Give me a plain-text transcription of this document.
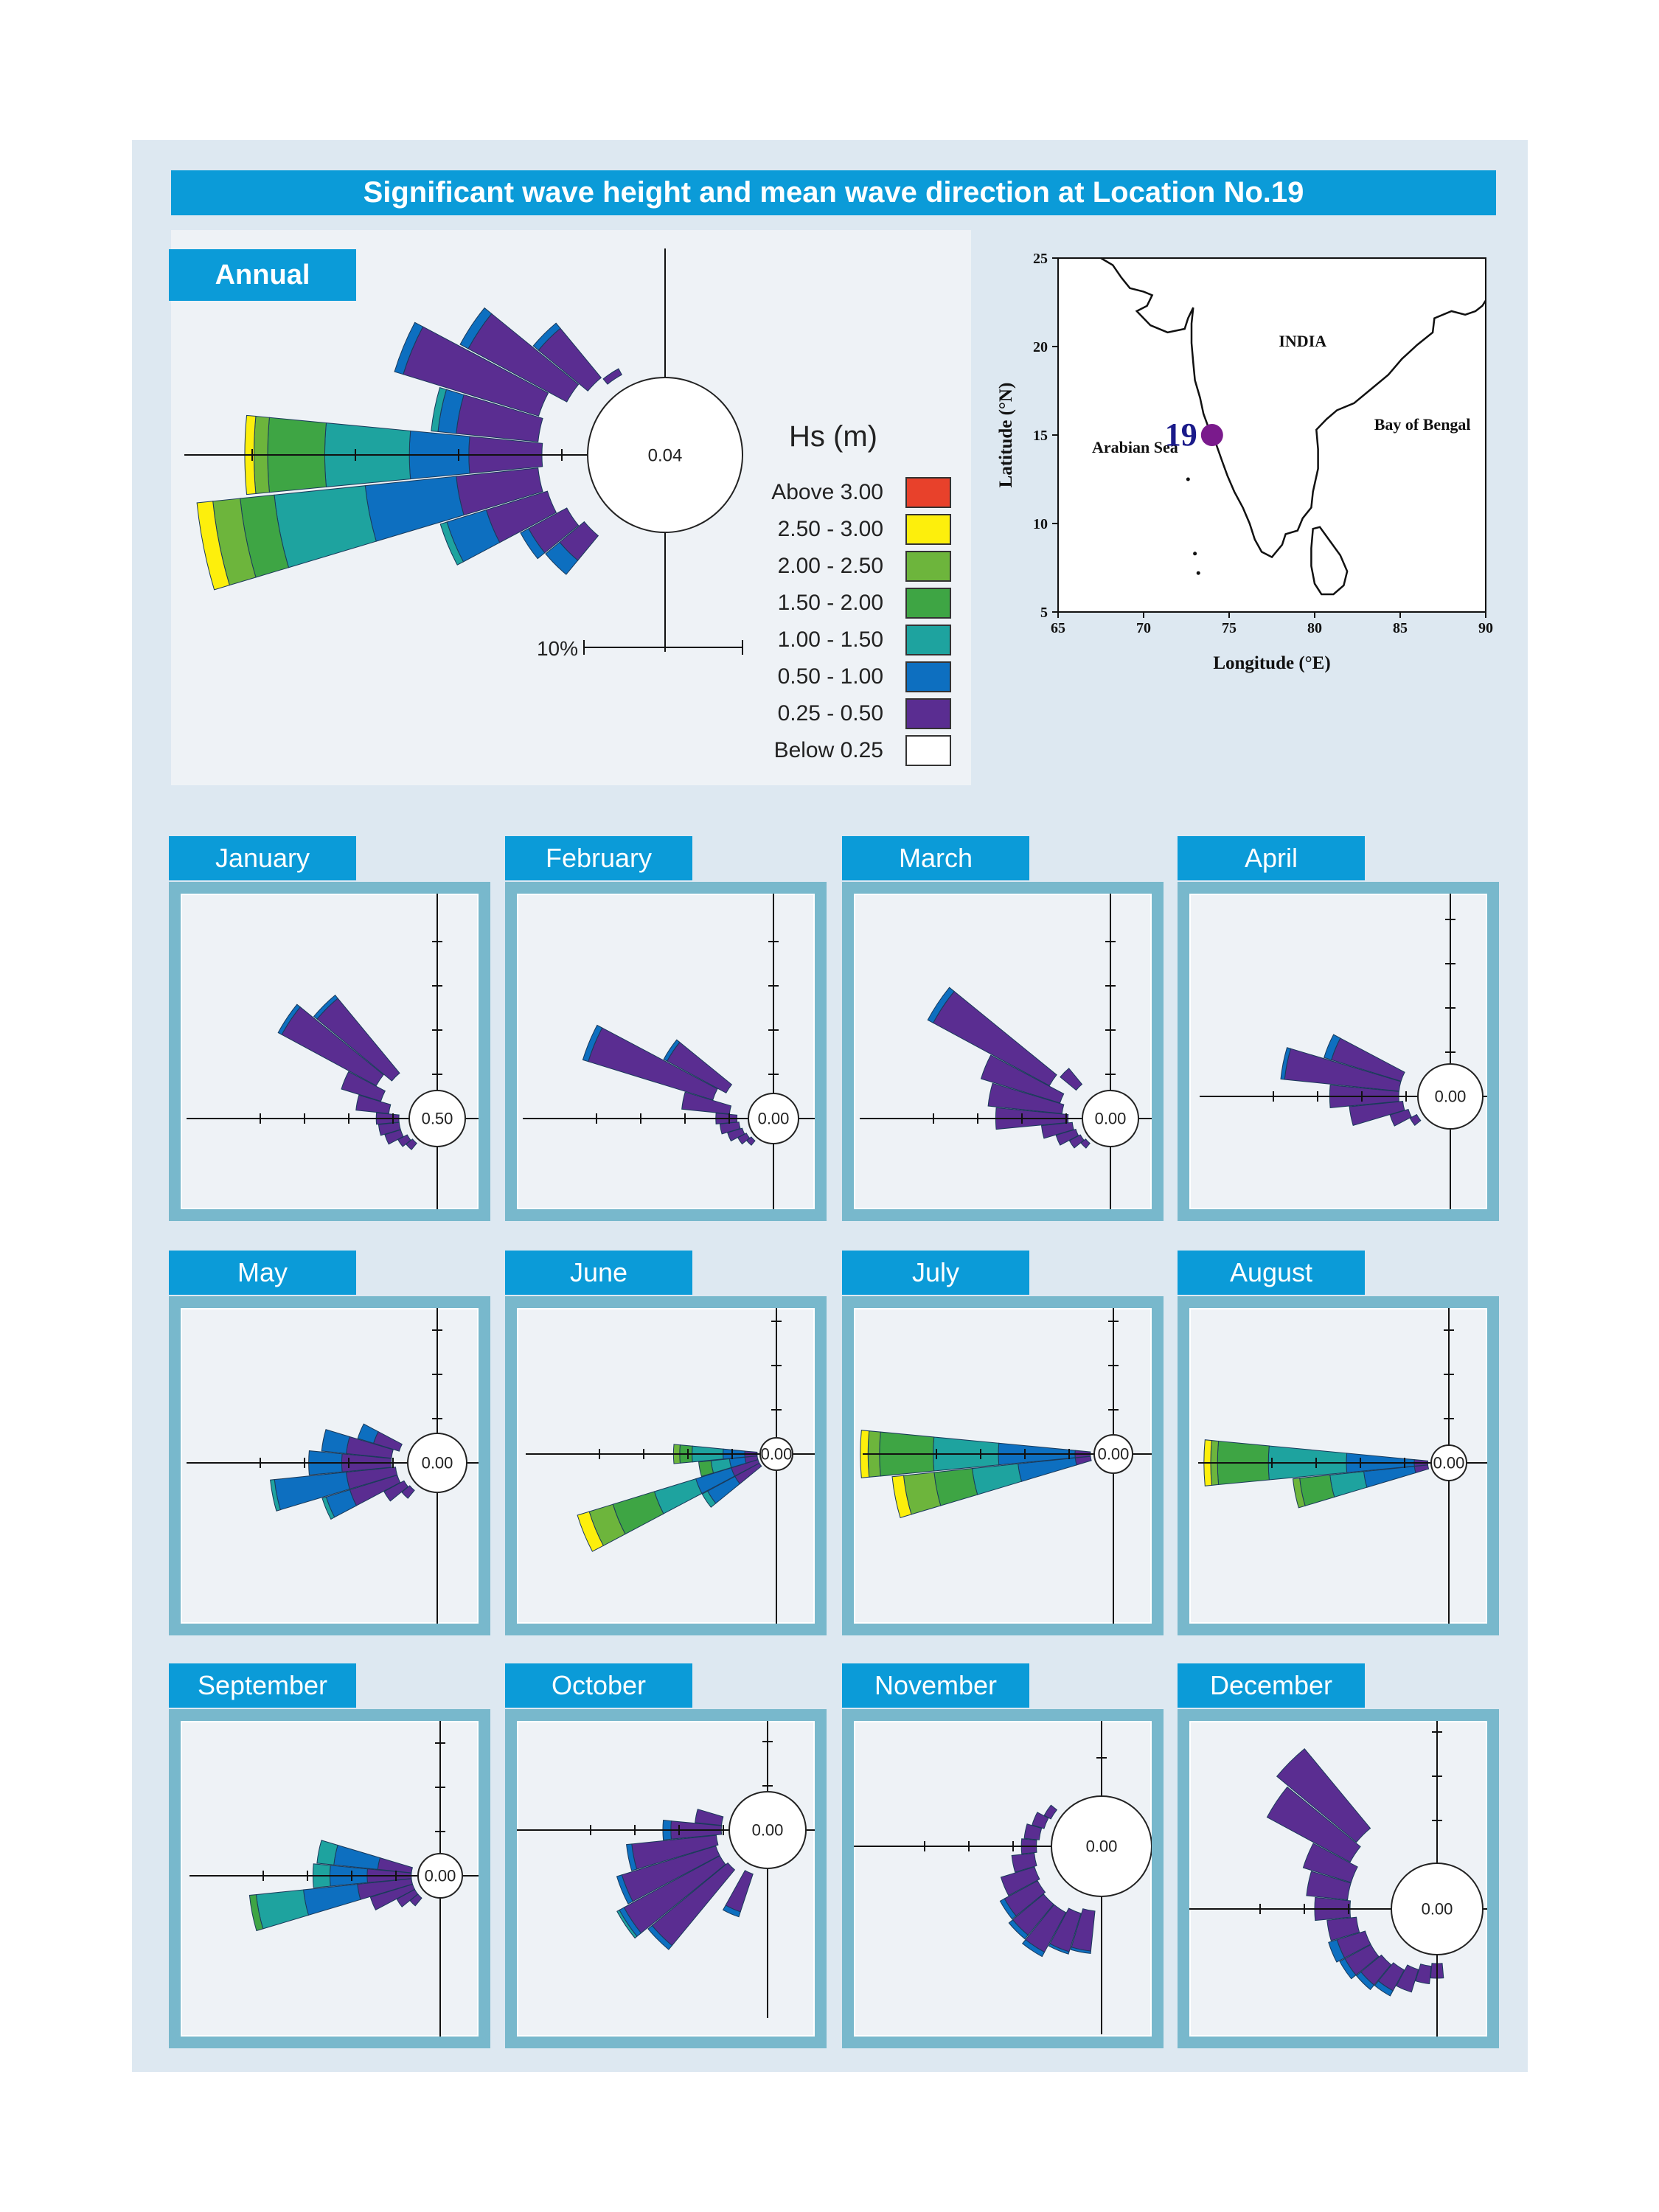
Significant wave height and mean wave direction at Location No.19
10%
0.04
Annual
Hs (m)
Above 3.00
2.50 - 3.00
2.00 - 2.50
1.50 - 2.00
1.00 - 1.50
0.50 - 1.00
0.25 - 0.50
Below 0.25
65	70	75	80	85	90
5
10
15
20
25
Longitude (°E)
Latitude (°N)
INDIA
Arabian Sea
Bay of Bengal
19
January
0.50
February
0.00
March
0.00
April
0.00
May
0.00
June
0.00
July
0.00
August
0.00
September
0.00
October
0.00
November
0.00
December
0.00
